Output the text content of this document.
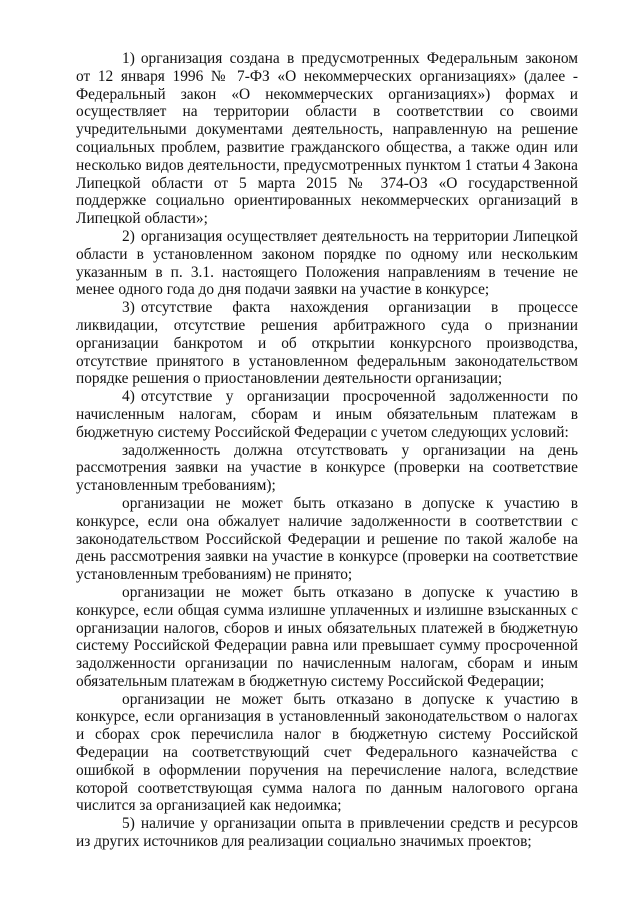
1) организация создана в предусмотренных Федеральным законом от 12 января 1996 № 7-ФЗ «О некоммерческих организациях» (далее - Федеральный закон «О некоммерческих организациях») формах и осуществляет на территории области в соответствии со своими учредительными документами деятельность, направленную на решение социальных проблем, развитие гражданского общества, а также один или несколько видов деятельности, предусмотренных пунктом 1 статьи 4 Закона Липецкой области от 5 марта 2015 № 374-ОЗ «О государственной поддержке социально ориентированных некоммерческих организаций в Липецкой области»;

2) организация осуществляет деятельность на территории Липецкой области в установленном законом порядке по одному или нескольким указанным в п. 3.1. настоящего Положения направлениям в течение не менее одного года до дня подачи заявки на участие в конкурсе;

3) отсутствие факта нахождения организации в процессе ликвидации, отсутствие решения арбитражного суда о признании организации банкротом и об открытии конкурсного производства, отсутствие принятого в установленном федеральным законодательством порядке решения о приостановлении деятельности организации;

4) отсутствие у организации просроченной задолженности по начисленным налогам, сборам и иным обязательным платежам в бюджетную систему Российской Федерации с учетом следующих условий:

задолженность должна отсутствовать у организации на день рассмотрения заявки на участие в конкурсе (проверки на соответствие установленным требованиям);

организации не может быть отказано в допуске к участию в конкурсе, если она обжалует наличие задолженности в соответствии с законодательством Российской Федерации и решение по такой жалобе на день рассмотрения заявки на участие в конкурсе (проверки на соответствие установленным требованиям) не принято;

организации не может быть отказано в допуске к участию в конкурсе, если общая сумма излишне уплаченных и излишне взысканных с организации налогов, сборов и иных обязательных платежей в бюджетную систему Российской Федерации равна или превышает сумму просроченной задолженности организации по начисленным налогам, сборам и иным обязательным платежам в бюджетную систему Российской Федерации;

организации не может быть отказано в допуске к участию в конкурсе, если организация в установленный законодательством о налогах и сборах срок перечислила налог в бюджетную систему Российской Федерации на соответствующий счет Федерального казначейства с ошибкой в оформлении поручения на перечисление налога, вследствие которой соответствующая сумма налога по данным налогового органа числится за организацией как недоимка;

5) наличие у организации опыта в привлечении средств и ресурсов из других источников для реализации социально значимых проектов;
